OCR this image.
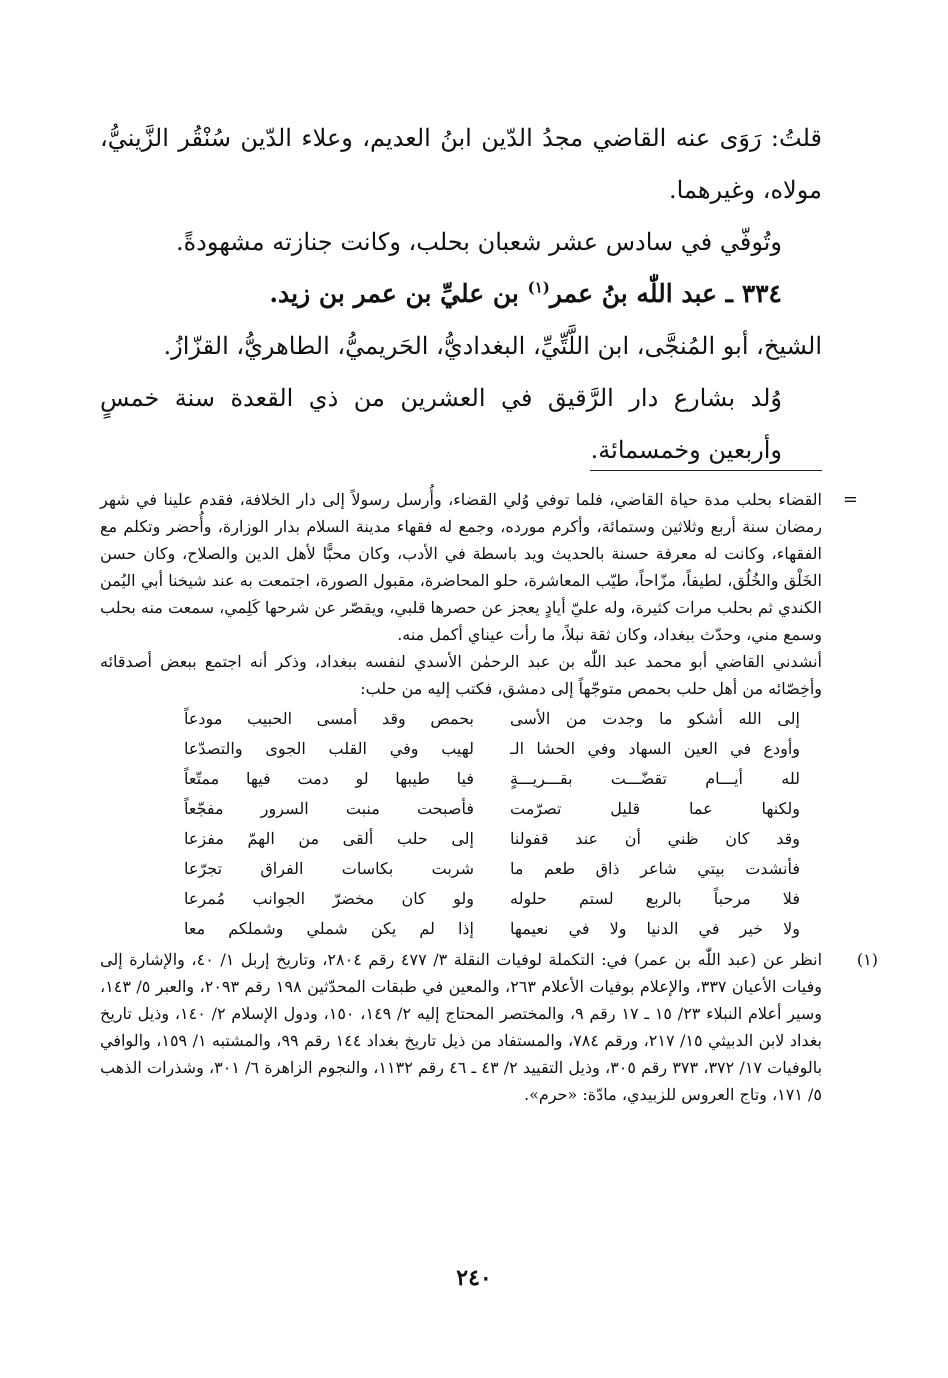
قلتُ: رَوَى عنه القاضي مجدُ الدّين ابنُ العديم، وعلاء الدّين سُنْقُر الزَّينيُّ، مولاه، وغيرهما.

وتُوفّي في سادس عشر شعبان بحلب، وكانت جنازته مشهودةً.

٣٣٤ ـ عبد اللّٰه بنُ عمر$^{(١)}$ بن عليِّ بن عمر بن زيد.

الشيخ، أبو المُنجَّى، ابن اللَّتِّيِّ، البغداديُّ، الحَريميُّ، الطاهريُّ، القزّازُ.

وُلد بشارع دار الرَّقيق في العشرين من ذي القعدة سنة خمسٍ وأربعين وخمسمائة.

=

القضاء بحلب مدة حياة القاضي، فلما توفي وُلي القضاء، وأُرسل رسولاً إلى دار الخلافة، فقدم علينا في شهر رمضان سنة أربع وثلاثين وستمائة، وأكرم مورده، وجمع له فقهاء مدينة السلام بدار الوزارة، وأُحضر وتكلم مع الفقهاء، وكانت له معرفة حسنة بالحديث ويد باسطة في الأدب، وكان محبًّا لأهل الدين والصلاح، وكان حسن الخَلْق والخُلُق، لطيفاً، مزّاحاً، طيّب المعاشرة، حلو المحاضرة، مقبول الصورة، اجتمعت به عند شيخنا أبي اليُمن الكندي ثم بحلب مرات كثيرة، وله عليّ أيادٍ يعجز عن حصرها قلبي، ويقصّر عن شرحها كَلِمي، سمعت منه بحلب وسمع مني، وحدّث ببغداد، وكان ثقة نبلاً، ما رأت عيناي أكمل منه.

أنشدني القاضي أبو محمد عبد اللّٰه بن عبد الرحمٰن الأسدي لنفسه ببغداد، وذكر أنه اجتمع ببعض أصدقائه وأخِصّائه من أهل حلب بحمص متوجّهاً إلى دمشق، فكتب إليه من حلب:

إلى الله أشكو ما وجدت من الأسى
بحمص وقد أمسى الحبيب مودعاً
وأودع في العين السهاد وفي الحشا الـ
لهيب وفي القلب الجوى والتصدّعا
لله أيـــام تقضّـــت بقـــريـــةٍ
فيا طيبها لو دمت فيها ممتّعاً
ولكنها عما قليل تصرّمت
فأصبحت منبت السرور مفجّعاً
وقد كان ظني أن عند قفولنا
إلى حلب ألقى من الهمّ مفزعا
فأنشدت بيتي شاعر ذاق طعم ما
شربت بكاسات الفراق تجرّعا
فلا مرحباً بالربع لستم حلوله
ولو كان مخضرّ الجوانب مُمرعا
ولا خير في الدنيا ولا في نعيمها
إذا لم يكن شملي وشملكم معا

(١)
انظر عن (عبد اللّٰه بن عمر) في: التكملة لوفيات النقلة ٣/ ٤٧٧ رقم ٢٨٠٤، وتاريخ إربل ١/ ٤٠، والإشارة إلى وفيات الأعيان ٣٣٧، والإعلام بوفيات الأعلام ٢٦٣، والمعين في طبقات المحدّثين ١٩٨ رقم ٢٠٩٣، والعبر ٥/ ١٤٣، وسير أعلام النبلاء ٢٣/ ١٥ ـ ١٧ رقم ٩، والمختصر المحتاج إليه ٢/ ١٤٩، ١٥٠، ودول الإسلام ٢/ ١٤٠، وذيل تاريخ بغداد لابن الدبيثي ١٥/ ٢١٧، ورقم ٧٨٤، والمستفاد من ذيل تاريخ بغداد ١٤٤ رقم ٩٩، والمشتبه ١/ ١٥٩، والوافي بالوفيات ١٧/ ٣٧٢، ٣٧٣ رقم ٣٠٥، وذيل التقييد ٢/ ٤٣ ـ ٤٦ رقم ١١٣٢، والنجوم الزاهرة ٦/ ٣٠١، وشذرات الذهب ٥/ ١٧١، وتاج العروس للزبيدي، مادّة: «حرم».

٢٤٠
